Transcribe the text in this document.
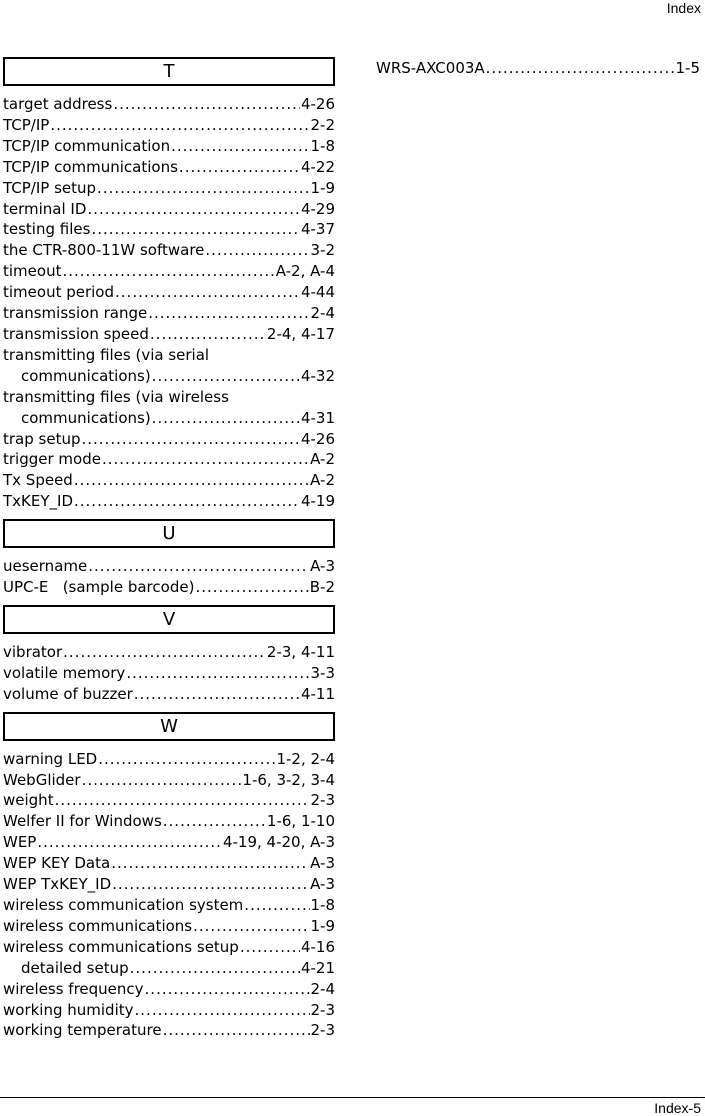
Index
T
target address .....	4-26
TCP/IP .....	2-2
TCP/IP communication .....	1-8
TCP/IP communications .....	4-22
TCP/IP setup .....	1-9
terminal ID .....	4-29
testing files .....	4-37
the CTR-800-11W software .....	3-2
timeout .....	A-2, A-4
timeout period .....	4-44
transmission range .....	2-4
transmission speed .....	2-4, 4-17
transmitting files (via serial
communications) .....	4-32
transmitting files (via wireless
communications) .....	4-31
trap setup .....	4-26
trigger mode .....	A-2
Tx Speed .....	A-2
TxKEY_ID .....	4-19
U
uesername .....	A-3
UPC-E   (sample barcode) .....	B-2
V
vibrator .....	2-3, 4-11
volatile memory .....	3-3
volume of buzzer .....	4-11
W
warning LED .....	1-2, 2-4
WebGlider .....	1-6, 3-2, 3-4
weight .....	2-3
Welfer II for Windows .....	1-6, 1-10
WEP .....	4-19, 4-20, A-3
WEP KEY Data .....	A-3
WEP TxKEY_ID .....	A-3
wireless communication system .....	1-8
wireless communications .....	1-9
wireless communications setup .....	4-16
detailed setup .....	4-21
wireless frequency .....	2-4
working humidity .....	2-3
working temperature .....	2-3
WRS-AXC003A .....	1-5
Index-5
